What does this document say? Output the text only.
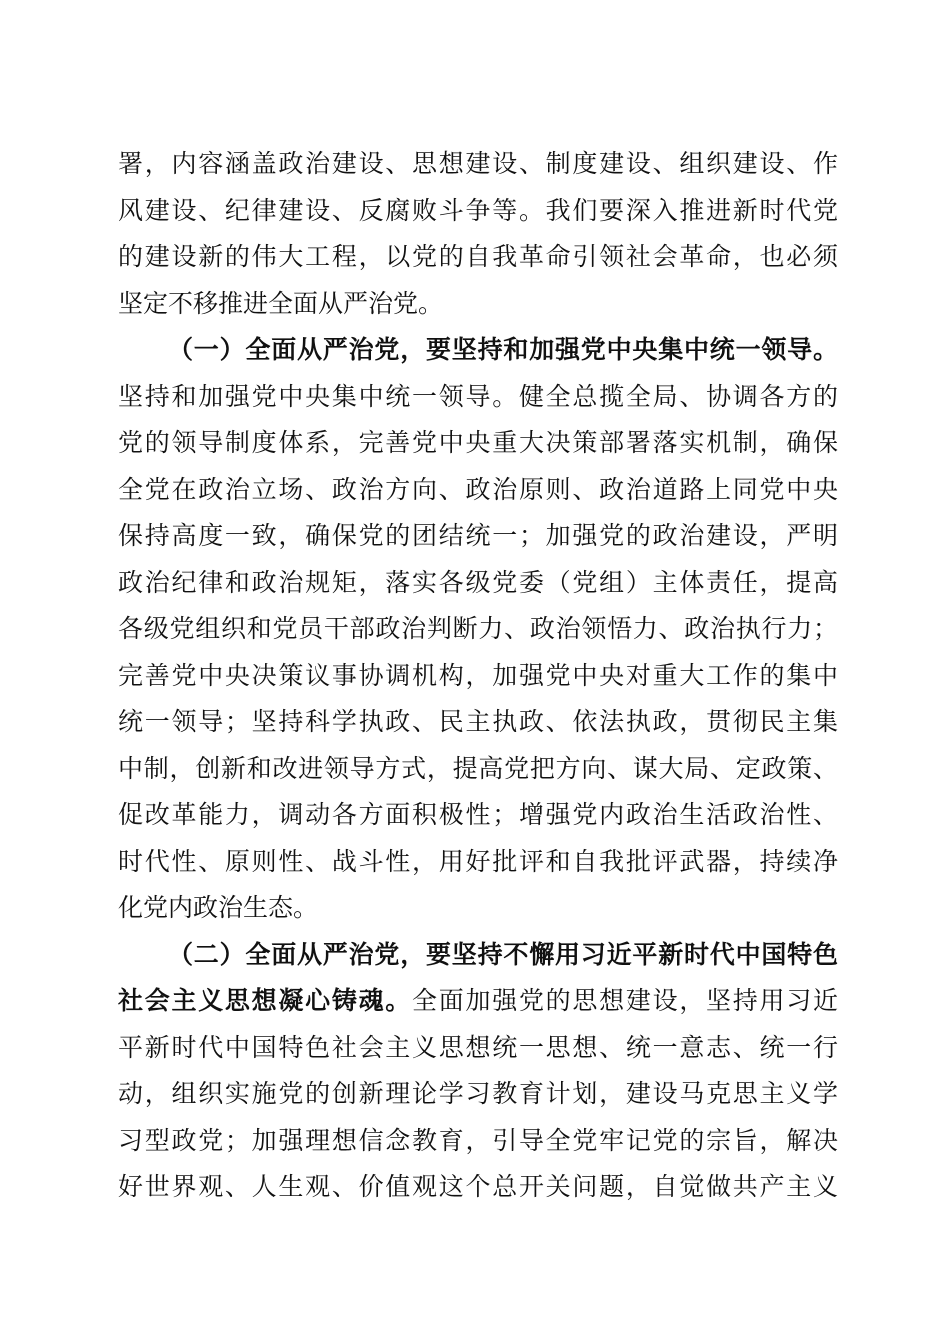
署，内容涵盖政治建设、思想建设、制度建设、组织建设、作
风建设、纪律建设、反腐败斗争等。我们要深入推进新时代党
的建设新的伟大工程，以党的自我革命引领社会革命，也必须
坚定不移推进全面从严治党。
（一）全面从严治党，要坚持和加强党中央集中统一领导。
坚持和加强党中央集中统一领导。健全总揽全局、协调各方的
党的领导制度体系，完善党中央重大决策部署落实机制，确保
全党在政治立场、政治方向、政治原则、政治道路上同党中央
保持高度一致，确保党的团结统一；加强党的政治建设，严明
政治纪律和政治规矩，落实各级党委（党组）主体责任，提高
各级党组织和党员干部政治判断力、政治领悟力、政治执行力；
完善党中央决策议事协调机构，加强党中央对重大工作的集中
统一领导；坚持科学执政、民主执政、依法执政，贯彻民主集
中制，创新和改进领导方式，提高党把方向、谋大局、定政策、
促改革能力，调动各方面积极性；增强党内政治生活政治性、
时代性、原则性、战斗性，用好批评和自我批评武器，持续净
化党内政治生态。
（二）全面从严治党，要坚持不懈用习近平新时代中国特色
社会主义思想凝心铸魂。全面加强党的思想建设，坚持用习近
平新时代中国特色社会主义思想统一思想、统一意志、统一行
动，组织实施党的创新理论学习教育计划，建设马克思主义学
习型政党；加强理想信念教育，引导全党牢记党的宗旨，解决
好世界观、人生观、价值观这个总开关问题，自觉做共产主义
